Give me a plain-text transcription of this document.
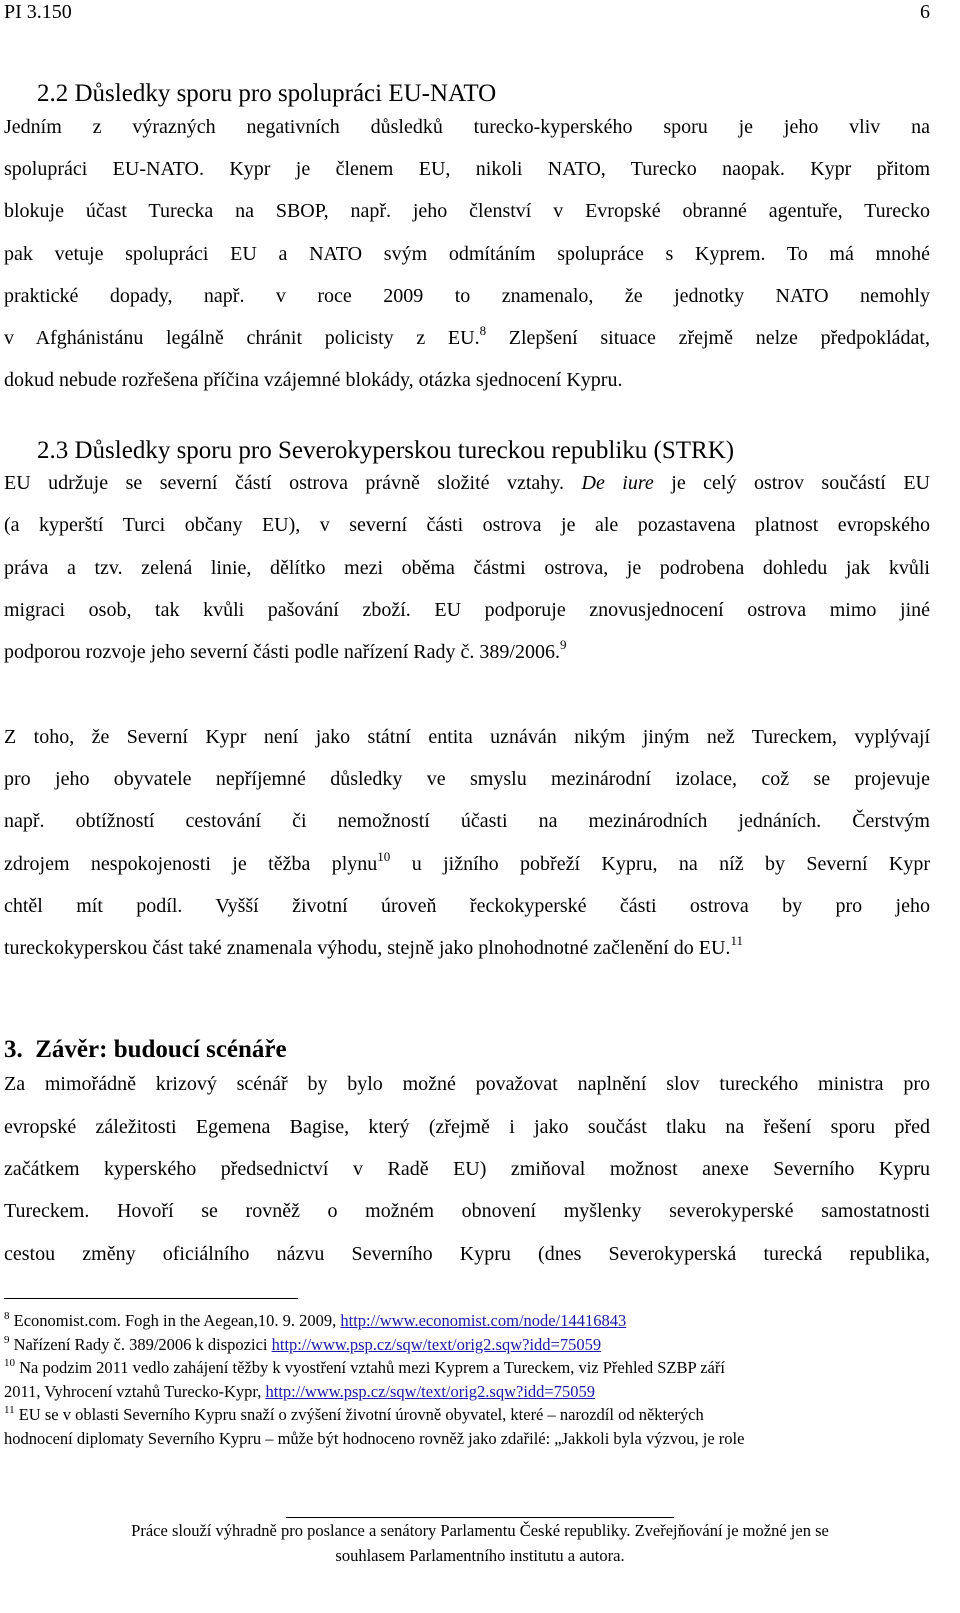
PI 3.150	6
2.2 Důsledky sporu pro spolupráci EU-NATO
Jedním z výrazných negativních důsledků turecko-kyperského sporu je jeho vliv na
spolupráci EU-NATO. Kypr je členem EU, nikoli NATO, Turecko naopak. Kypr přitom
blokuje účast Turecka na SBOP, např. jeho členství v Evropské obranné agentuře, Turecko
pak vetuje spolupráci EU a NATO svým odmítáním spolupráce s Kyprem. To má mnohé
praktické dopady, např. v roce 2009 to znamenalo, že jednotky NATO nemohly
v Afghánistánu legálně chránit policisty z EU.$^8$ Zlepšení situace zřejmě nelze předpokládat,
dokud nebude rozřešena příčina vzájemné blokády, otázka sjednocení Kypru.
2.3 Důsledky sporu pro Severokyperskou tureckou republiku (STRK)
EU udržuje se severní částí ostrova právně složité vztahy. De iure je celý ostrov součástí EU
(a kyperští Turci občany EU), v severní části ostrova je ale pozastavena platnost evropského
práva a tzv. zelená linie, dělítko mezi oběma částmi ostrova, je podrobena dohledu jak kvůli
migraci osob, tak kvůli pašování zboží. EU podporuje znovusjednocení ostrova mimo jiné
podporou rozvoje jeho severní části podle nařízení Rady č. 389/2006.$^9$
Z toho, že Severní Kypr není jako státní entita uznáván nikým jiným než Tureckem, vyplývají
pro jeho obyvatele nepříjemné důsledky ve smyslu mezinárodní izolace, což se projevuje
např. obtížností cestování či nemožností účasti na mezinárodních jednáních. Čerstvým
zdrojem nespokojenosti je těžba plynu$^{10}$ u jižního pobřeží Kypru, na níž by Severní Kypr
chtěl mít podíl. Vyšší životní úroveň řeckokyperské části ostrova by pro jeho
tureckokyperskou část také znamenala výhodu, stejně jako plnohodnotné začlenění do EU.$^{11}$
3. Závěr: budoucí scénáře
Za mimořádně krizový scénář by bylo možné považovat naplnění slov tureckého ministra pro
evropské záležitosti Egemena Bagise, který (zřejmě i jako součást tlaku na řešení sporu před
začátkem kyperského předsednictví v Radě EU) zmiňoval možnost anexe Severního Kypru
Tureckem. Hovoří se rovněž o možném obnovení myšlenky severokyperské samostatnosti
cestou změny oficiálního názvu Severního Kypru (dnes Severokyperská turecká republika,
$^8$ Economist.com. Fogh in the Aegean,10. 9. 2009, http://www.economist.com/node/14416843
$^9$ Nařízení Rady č. 389/2006 k dispozici http://www.psp.cz/sqw/text/orig2.sqw?idd=75059
$^{10}$ Na podzim 2011 vedlo zahájení těžby k vyostření vztahů mezi Kyprem a Tureckem, viz Přehled SZBP září
2011, Vyhrocení vztahů Turecko-Kypr, http://www.psp.cz/sqw/text/orig2.sqw?idd=75059
$^{11}$ EU se v oblasti Severního Kypru snaží o zvýšení životní úrovně obyvatel, které – narozdíl od některých
hodnocení diplomaty Severního Kypru – může být hodnoceno rovněž jako zdařilé: „Jakkoli byla výzvou, je role
Práce slouží výhradně pro poslance a senátory Parlamentu České republiky. Zveřejňování je možné jen se
souhlasem Parlamentního institutu a autora.
